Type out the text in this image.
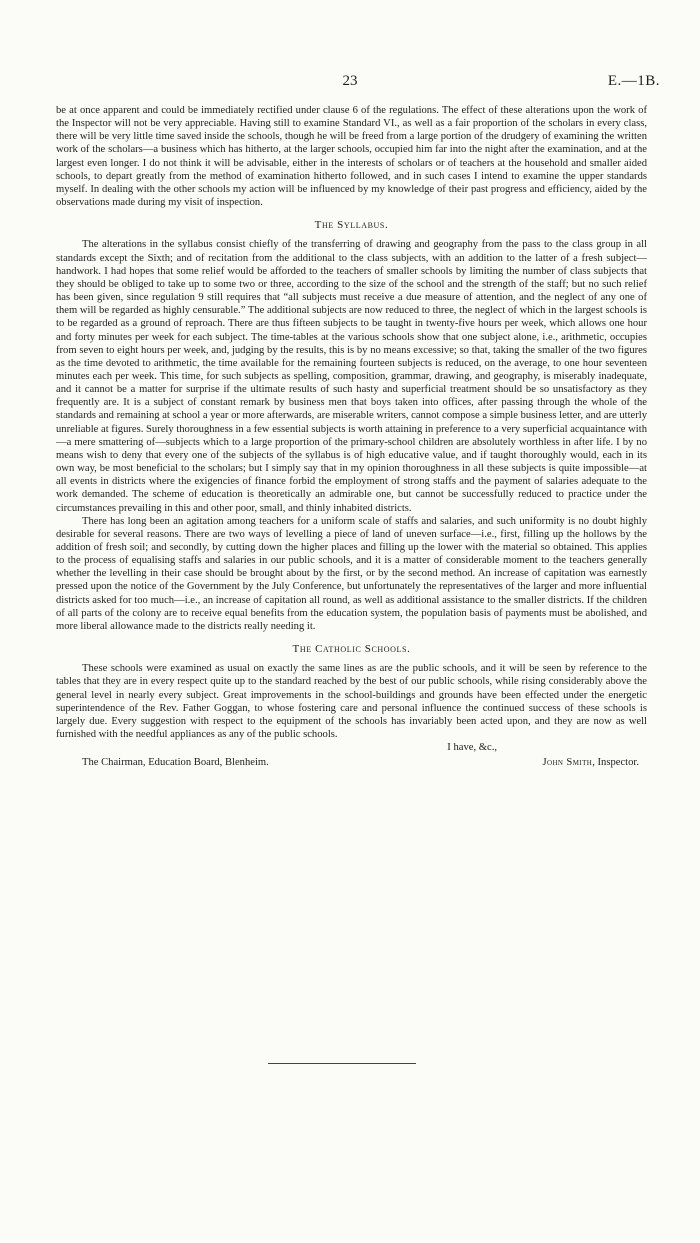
23	E.—1B.

be at once apparent and could be immediately rectified under clause 6 of the regulations. The effect of these alterations upon the work of the Inspector will not be very appreciable. Having still to examine Standard VI., as well as a fair proportion of the scholars in every class, there will be very little time saved inside the schools, though he will be freed from a large portion of the drudgery of examining the written work of the scholars—a business which has hitherto, at the larger schools, occupied him far into the night after the examination, and at the largest even longer. I do not think it will be advisable, either in the interests of scholars or of teachers at the household and smaller aided schools, to depart greatly from the method of examination hitherto followed, and in such cases I intend to examine the upper standards myself. In dealing with the other schools my action will be influenced by my knowledge of their past progress and efficiency, aided by the observations made during my visit of inspection.

The Syllabus.

The alterations in the syllabus consist chiefly of the transferring of drawing and geography from the pass to the class group in all standards except the Sixth; and of recitation from the additional to the class subjects, with an addition to the latter of a fresh subject—handwork. I had hopes that some relief would be afforded to the teachers of smaller schools by limiting the number of class subjects that they should be obliged to take up to some two or three, according to the size of the school and the strength of the staff; but no such relief has been given, since regulation 9 still requires that “all subjects must receive a due measure of attention, and the neglect of any one of them will be regarded as highly censurable.” The additional subjects are now reduced to three, the neglect of which in the largest schools is to be regarded as a ground of reproach. There are thus fifteen subjects to be taught in twenty-five hours per week, which allows one hour and forty minutes per week for each subject. The time-tables at the various schools show that one subject alone, i.e., arithmetic, occupies from seven to eight hours per week, and, judging by the results, this is by no means excessive; so that, taking the smaller of the two figures as the time devoted to arithmetic, the time available for the remaining fourteen subjects is reduced, on the average, to one hour seventeen minutes each per week. This time, for such subjects as spelling, composition, grammar, drawing, and geography, is miserably inadequate, and it cannot be a matter for surprise if the ultimate results of such hasty and superficial treatment should be so unsatisfactory as they frequently are. It is a subject of constant remark by business men that boys taken into offices, after passing through the whole of the standards and remaining at school a year or more afterwards, are miserable writers, cannot compose a simple business letter, and are utterly unreliable at figures. Surely thoroughness in a few essential subjects is worth attaining in preference to a very superficial acquaintance with—a mere smattering of—subjects which to a large proportion of the primary-school children are absolutely worthless in after life. I by no means wish to deny that every one of the subjects of the syllabus is of high educative value, and if taught thoroughly would, each in its own way, be most beneficial to the scholars; but I simply say that in my opinion thoroughness in all these subjects is quite impossible—at all events in districts where the exigencies of finance forbid the employment of strong staffs and the payment of salaries adequate to the work demanded. The scheme of education is theoretically an admirable one, but cannot be successfully reduced to practice under the circumstances prevailing in this and other poor, small, and thinly inhabited districts.

There has long been an agitation among teachers for a uniform scale of staffs and salaries, and such uniformity is no doubt highly desirable for several reasons. There are two ways of levelling a piece of land of uneven surface—i.e., first, filling up the hollows by the addition of fresh soil; and secondly, by cutting down the higher places and filling up the lower with the material so obtained. This applies to the process of equalising staffs and salaries in our public schools, and it is a matter of considerable moment to the teachers generally whether the levelling in their case should be brought about by the first, or by the second method. An increase of capitation was earnestly pressed upon the notice of the Government by the July Conference, but unfortunately the representatives of the larger and more influential districts asked for too much—i.e., an increase of capitation all round, as well as additional assistance to the smaller districts. If the children of all parts of the colony are to receive equal benefits from the education system, the population basis of payments must be abolished, and more liberal allowance made to the districts really needing it.

The Catholic Schools.

These schools were examined as usual on exactly the same lines as are the public schools, and it will be seen by reference to the tables that they are in every respect quite up to the standard reached by the best of our public schools, while rising considerably above the general level in nearly every subject. Great improvements in the school-buildings and grounds have been effected under the energetic superintendence of the Rev. Father Goggan, to whose fostering care and personal influence the continued success of these schools is largely due. Every suggestion with respect to the equipment of the schools has invariably been acted upon, and they are now as well furnished with the needful appliances as any of the public schools.

I have, &c.,
The Chairman, Education Board, Blenheim.	John Smith, Inspector.
